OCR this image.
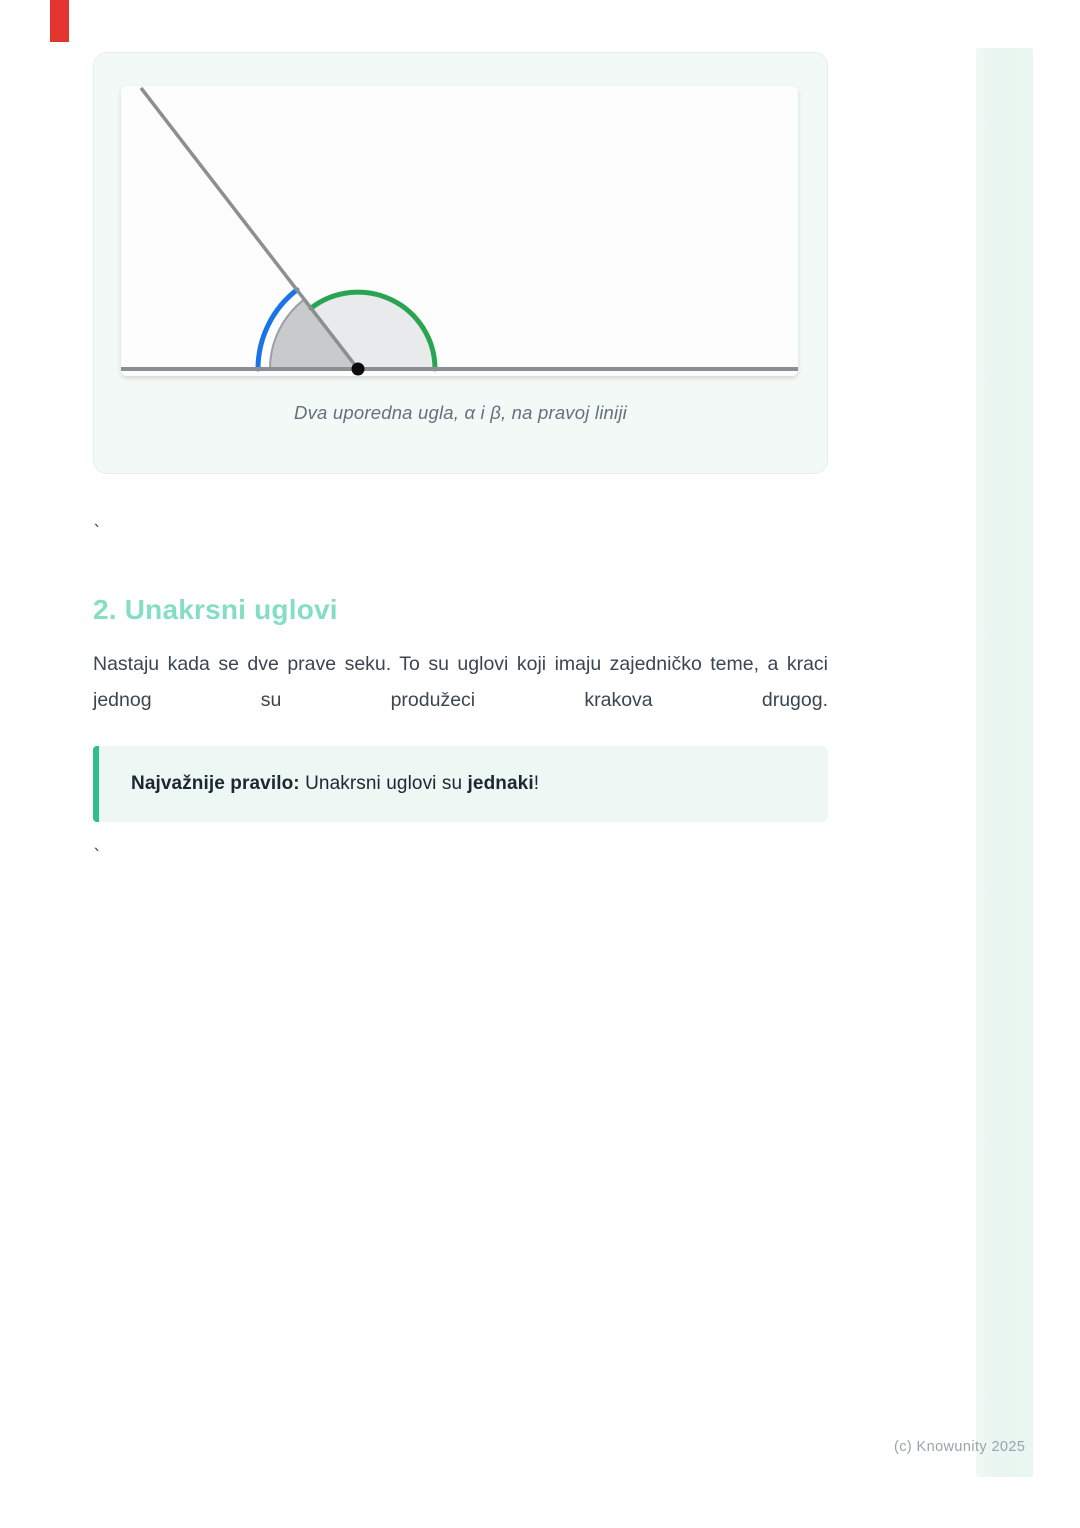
Dva uporedna ugla, α i β, na pravoj liniji
`
2. Unakrsni uglovi

Nastaju kada se dve prave seku. To su uglovi koji imaju zajedničko teme, a kraci jednog su produžeci krakova drugog.

Najvažnije pravilo: Unakrsni uglovi su jednaki!
`
(c) Knowunity 2025
